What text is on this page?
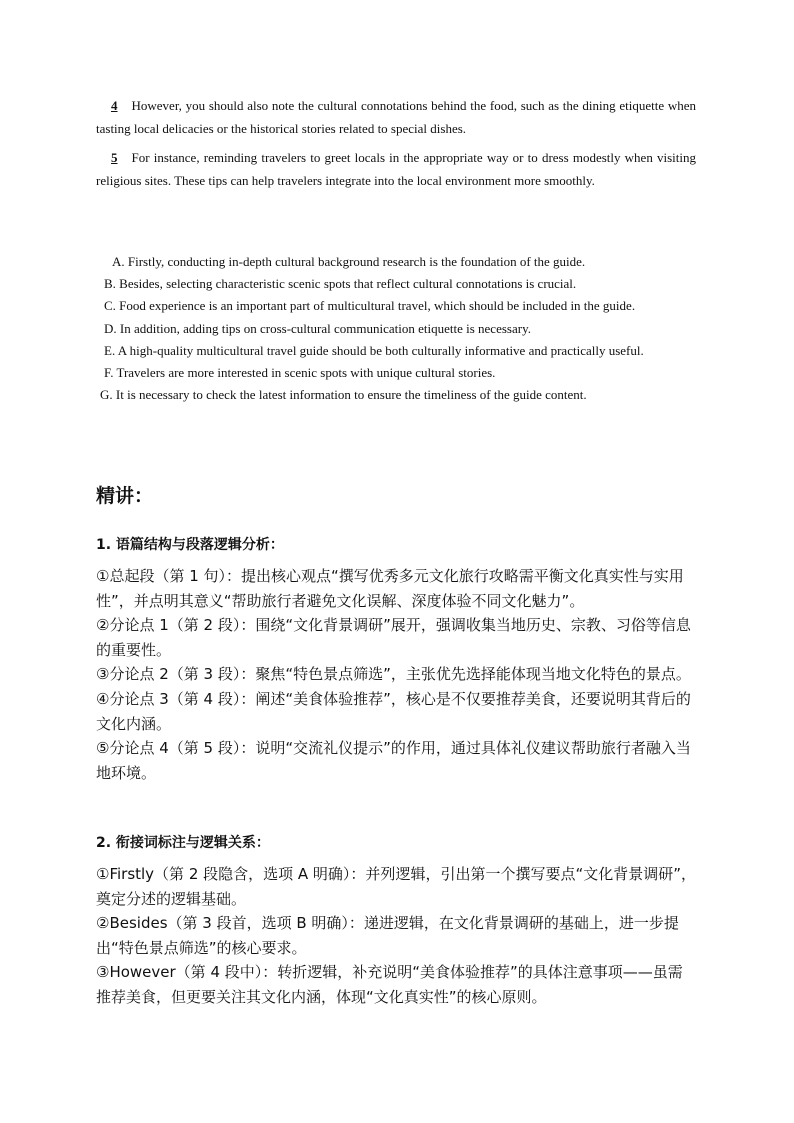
4 However, you should also note the cultural connotations behind the food, such as the dining etiquette when tasting local delicacies or the historical stories related to special dishes.

5 For instance, reminding travelers to greet locals in the appropriate way or to dress modestly when visiting religious sites. These tips can help travelers integrate into the local environment more smoothly.

A. Firstly, conducting in-depth cultural background research is the foundation of the guide.

B. Besides, selecting characteristic scenic spots that reflect cultural connotations is crucial.

C. Food experience is an important part of multicultural travel, which should be included in the guide.

D. In addition, adding tips on cross-cultural communication etiquette is necessary.

E. A high-quality multicultural travel guide should be both culturally informative and practically useful.

F. Travelers are more interested in scenic spots with unique cultural stories.

G. It is necessary to check the latest information to ensure the timeliness of the guide content.

精讲：
1. 语篇结构与段落逻辑分析：

①总起段（第 1 句）：提出核心观点“撰写优秀多元文化旅行攻略需平衡文化真实性与实用性”，并点明其意义“帮助旅行者避免文化误解、深度体验不同文化魅力”。

②分论点 1（第 2 段）：围绕“文化背景调研”展开，强调收集当地历史、宗教、习俗等信息的重要性。

③分论点 2（第 3 段）：聚焦“特色景点筛选”，主张优先选择能体现当地文化特色的景点。

④分论点 3（第 4 段）：阐述“美食体验推荐”，核心是不仅要推荐美食，还要说明其背后的文化内涵。

⑤分论点 4（第 5 段）：说明“交流礼仪提示”的作用，通过具体礼仪建议帮助旅行者融入当地环境。

2. 衔接词标注与逻辑关系：

①Firstly（第 2 段隐含，选项 A 明确）：并列逻辑，引出第一个撰写要点“文化背景调研”，奠定分述的逻辑基础。

②Besides（第 3 段首，选项 B 明确）：递进逻辑，在文化背景调研的基础上，进一步提出“特色景点筛选”的核心要求。

③However（第 4 段中）：转折逻辑，补充说明“美食体验推荐”的具体注意事项——虽需推荐美食，但更要关注其文化内涵，体现“文化真实性”的核心原则。
